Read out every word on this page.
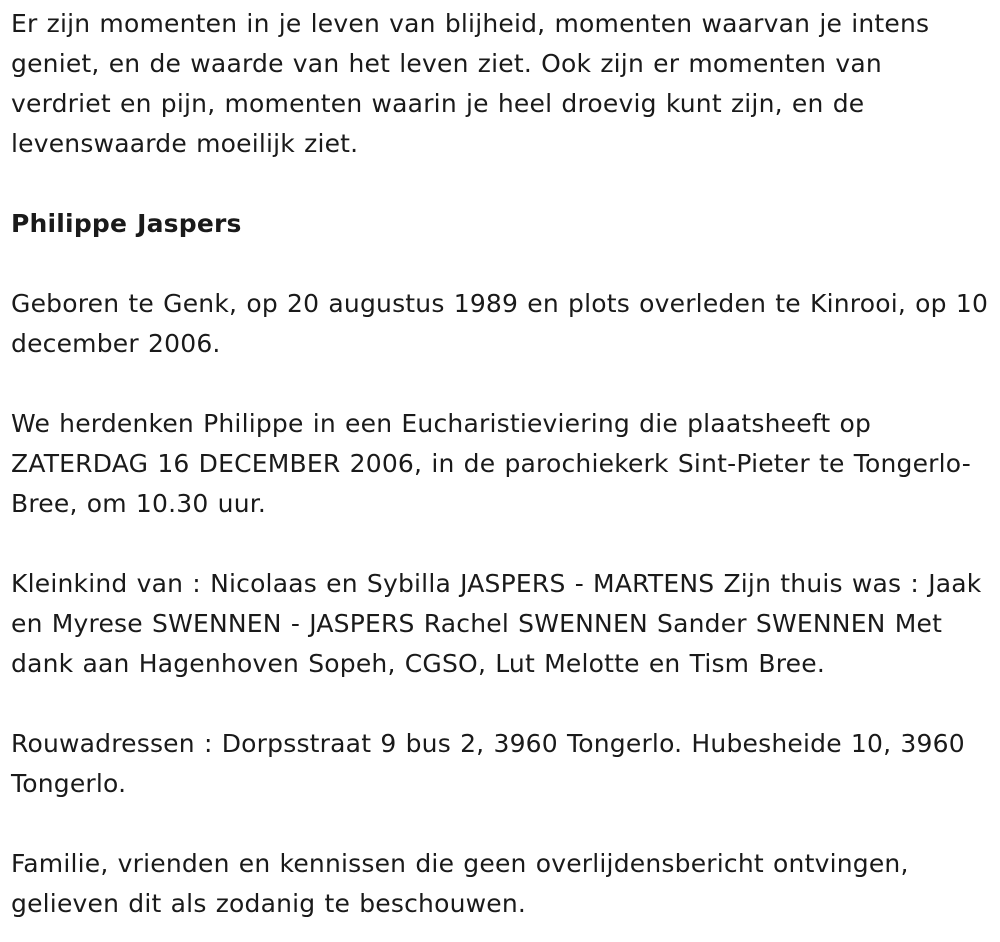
Er zijn momenten in je leven van blijheid, momenten waarvan je intens geniet, en de waarde van het leven ziet. Ook zijn er momenten van verdriet en pijn, momenten waarin je heel droevig kunt zijn, en de levenswaarde moeilijk ziet.

Philippe Jaspers

Geboren te Genk, op 20 augustus 1989 en plots overleden te Kinrooi, op 10 december 2006.

We herdenken Philippe in een Eucharistieviering die plaatsheeft op ZATERDAG 16 DECEMBER 2006, in de parochiekerk Sint-Pieter te Tongerlo-Bree, om 10.30 uur.

Kleinkind van : Nicolaas en Sybilla JASPERS - MARTENS Zijn thuis was : Jaak en Myrese SWENNEN - JASPERS Rachel SWENNEN Sander SWENNEN Met dank aan Hagenhoven Sopeh, CGSO, Lut Melotte en Tism Bree.

Rouwadressen : Dorpsstraat 9 bus 2, 3960 Tongerlo. Hubesheide 10, 3960 Tongerlo.

Familie, vrienden en kennissen die geen overlijdensbericht ontvingen, gelieven dit als zodanig te beschouwen.
